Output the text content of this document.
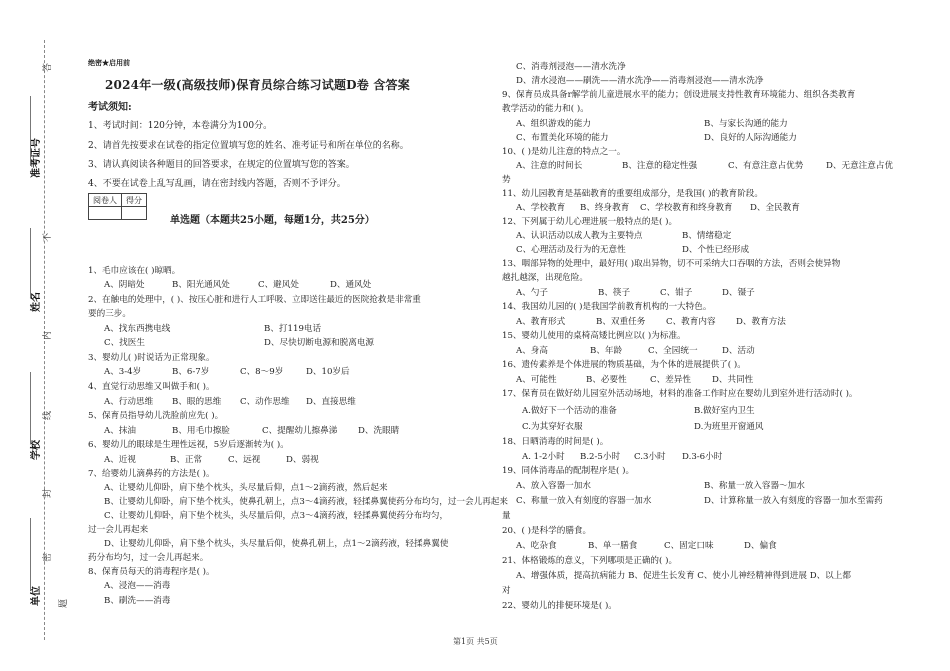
答
不
内
线
封
密
题
准考证号
姓名
学校
单位
绝密★启用前
2024年一级(高级技师)保育员综合练习试题D卷 含答案
考试须知:
1、考试时间：120分钟，本卷满分为100分。
2、请首先按要求在试卷的指定位置填写您的姓名、准考证号和所在单位的名称。
3、请认真阅读各种题目的回答要求，在规定的位置填写您的答案。
4、不要在试卷上乱写乱画，请在密封线内答题，否则不予评分。
阅卷人	得分

单选题（本题共25小题，每题1分，共25分）
1、毛巾应该在( )晾晒。
A、阴暗处	B、阳光通风处	C、避风处	D、通风处
2、在触电的处理中，( )、按压心脏和进行人工呼吸、立即送往最近的医院抢救是非常重
要的三步。
A、找东西携电线	B、打119电话
C、找医生	D、尽快切断电源和脱离电源
3、婴幼儿( )时说话为正常现象。
A、3-4岁	B、6-7岁	C、8～9岁	D、10岁后
4、直觉行动思维又叫做手和( )。
A、行动思维 B、眼的思维 C、动作思维 D、直接思维
5、保育员指导幼儿洗脸前应先( )。
A、抹油	B、用毛巾擦脸	C、提醒幼儿擦鼻涕 D、洗眼睛
6、婴幼儿的眼球是生理性远视，5岁后逐渐转为( )。
A、近视	B、正常	C、远视	D、弱视
7、给婴幼儿滴鼻药的方法是( )。
A、让婴幼儿仰卧，肩下垫个枕头，头尽量后仰，点1～2滴药液，然后起来
B、让婴幼儿仰卧，肩下垫个枕头，使鼻孔朝上，点3～4滴药液，轻揉鼻翼使药分布均匀，过一会儿再起来
C、让婴幼儿仰卧，肩下垫个枕头，头尽量后仰，点3～4滴药液，轻揉鼻翼使药分布均匀，
过一会儿再起来
D、让婴幼儿仰卧，肩下垫个枕头，头尽量后仰，使鼻孔朝上，点1～2滴药液，轻揉鼻翼使
药分布均匀，过一会儿再起来。
8、保育员每天的消毒程序是( )。
A、浸泡——消毒
B、刷洗——消毒
C、消毒剂浸泡——清水洗净
D、清水浸泡——刷洗——清水洗净——消毒剂浸泡——清水洗净
9、保育员成具备r解学前儿童进展水平的能力；创设进展支持性教育环境能力、组织各类教育
教学活动的能力和( )。
A、组织游戏的能力	B、与家长沟通的能力
C、布置美化环境的能力	D、良好的人际沟通能力
10、( )是幼儿注意的特点之一。
A、注意的时间长	B、注意的稳定性强	C、有意注意占优势	D、无意注意占优
势
11、幼儿园教育是基础教育的重要组成部分，是我国( )的教育阶段。
A、学校教育 B、终身教育 C、学校教育和终身教育 D、全民教育
12、下列属于幼儿心理进展一般特点的是( )。
A、认识活动以成人教为主要特点	B、情绪稳定
C、心理活动及行为的无意性	D、个性已经形成
13、咽部异物的处理中，最好用( )取出异物，切不可采纳大口吞咽的方法，否则会使异物
越扎越深，出现危险。
A、勺子	B、筷子	C、钳子	D、镊子
14、我国幼儿园的( )是我国学前教育机构的一大特色。
A、教育形式	B、双重任务 C、教育内容 D、教育方法
15、婴幼儿使用的桌椅高矮比例应以( )为标准。
A、身高	B、年龄	C、全园统一	D、活动
16、遗传素养是个体进展的物质基础，为个体的进展提供了( )。
A、可能性	B、必要性	C、差异性 D、共同性
17、保育员在做好幼儿园室外活动场地，材料的准备工作时应在婴幼儿到室外进行活动时( )。
A.做好下一个活动的准备	B.做好室内卫生
C.为其穿好衣服	D.为班里开窗通风
18、日晒消毒的时间是( )。
A. 1-2小时 B.2-5小时 C.3小时 D.3-6小时
19、同体消毒品的配制程序是( )。
A、放入容器一加水	B、称量一放入容器～加水
C、称量一放入有刻度的容器一加水	D、计算称量一放入有刻度的容器一加水至需药
量
20、( )是科学的膳食。
A、吃杂食	B、单一膳食	C、固定口味	D、偏食
21、体格锻炼的意义，下列哪项是正确的( )。
A、增强体质，提高抗病能力 B、促进生长发育 C、使小儿神经精神得到进展 D、以上都
对
22、婴幼儿的排便环境是( )。
第1页 共5页
